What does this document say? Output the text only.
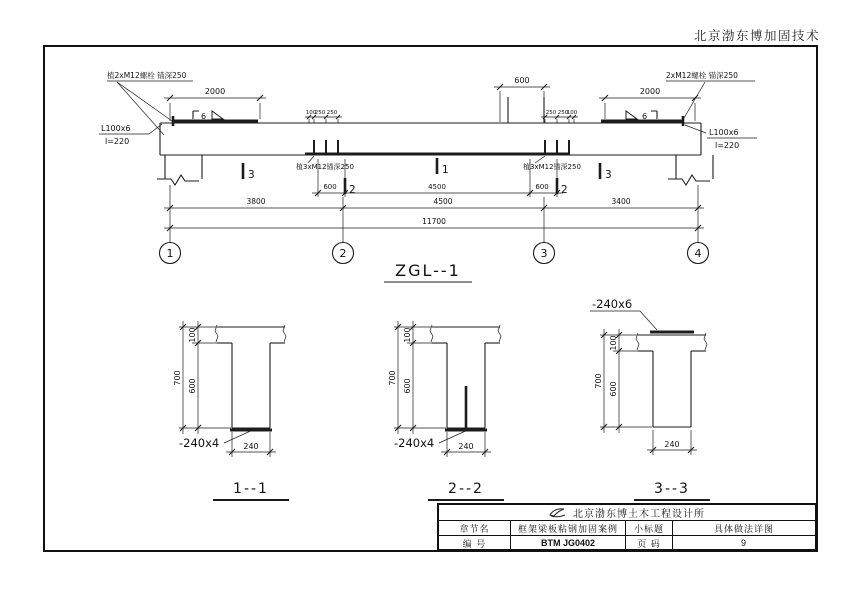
北京渤东博加固技术
2000	2000
600
100
250 250	250 250
100
植2xM12螺栓 锚深250	2xM12螺栓 锚深250
6	6
L100x6
l=220
L100x6
l=220
植3xM12锚深250	植3xM12锚深250
1
3	3
2	2
600	4500	600
3800	4500	3400
11700
1	2	3	4
ZGL--1
100
600
700
240
-240x4
1--1
100
600
700
240
-240x4
2--2
-240x6
100
600
700
240
3--3
北京渤东博土木工程设计所
章节名	框架梁板粘钢加固案例	小标题	具体做法详图
编 号	BTM JG0402	页 码	9
